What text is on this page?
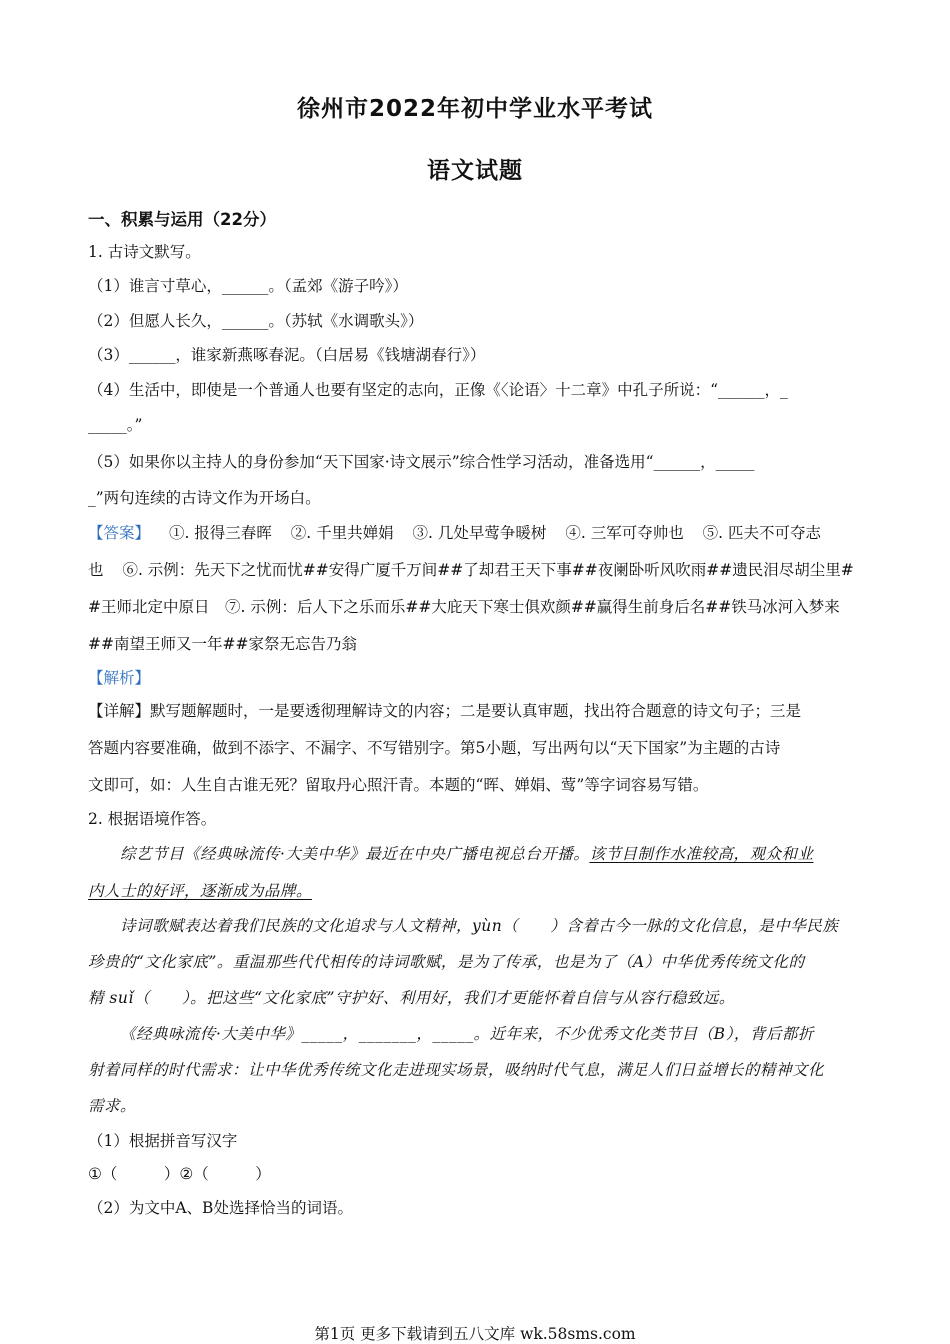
徐州市2022年初中学业水平考试
语文试题
一、积累与运用（22分）
1. 古诗文默写。
（1）谁言寸草心，______。（孟郊《游子吟》）
（2）但愿人长久，______。（苏轼《水调歌头》）
（3）______，谁家新燕啄春泥。（白居易《钱塘湖春行》）
（4）生活中，即使是一个普通人也要有坚定的志向，正像《〈论语〉十二章》中孔子所说：“______，_
_____。”
（5）如果你以主持人的身份参加“天下国家·诗文展示”综合性学习活动，准备选用“______，_____
_”两句连续的古诗文作为开场白。
【答案】 ①. 报得三春晖 ②. 千里共婵娟 ③. 几处早莺争暖树 ④. 三军可夺帅也 ⑤. 匹夫不可夺志
也 ⑥. 示例：先天下之忧而忧##安得广厦千万间##了却君王天下事##夜阑卧听风吹雨##遗民泪尽胡尘里#
#王师北定中原日　⑦. 示例：后人下之乐而乐##大庇天下寒士俱欢颜##赢得生前身后名##铁马冰河入梦来
##南望王师又一年##家祭无忘告乃翁
【解析】
【详解】默写题解题时，一是要透彻理解诗文的内容；二是要认真审题，找出符合题意的诗文句子；三是
答题内容要准确，做到不添字、不漏字、不写错别字。第5小题，写出两句以“天下国家”为主题的古诗
文即可，如：人生自古谁无死？留取丹心照汗青。本题的“晖、婵娟、莺”等字词容易写错。
2. 根据语境作答。
综艺节目《经典咏流传·大美中华》最近在中央广播电视总台开播。该节目制作水准较高，观众和业
内人士的好评，逐渐成为品牌。
诗词歌赋表达着我们民族的文化追求与人文精神，yùn（　　）含着古今一脉的文化信息，是中华民族
珍贵的“文化家底”。重温那些代代相传的诗词歌赋，是为了传承，也是为了（A）中华优秀传统文化的
精 suǐ（　　）。把这些“文化家底”守护好、利用好，我们才更能怀着自信与从容行稳致远。
《经典咏流传·大美中华》_____，_______，_____。近年来，不少优秀文化类节目（B），背后都折
射着同样的时代需求：让中华优秀传统文化走进现实场景，吸纳时代气息，满足人们日益增长的精神文化
需求。
（1）根据拼音写汉字
①（　　　）②（　　　）
（2）为文中A、B处选择恰当的词语。
第1页 更多下载请到五八文库 wk.58sms.com
